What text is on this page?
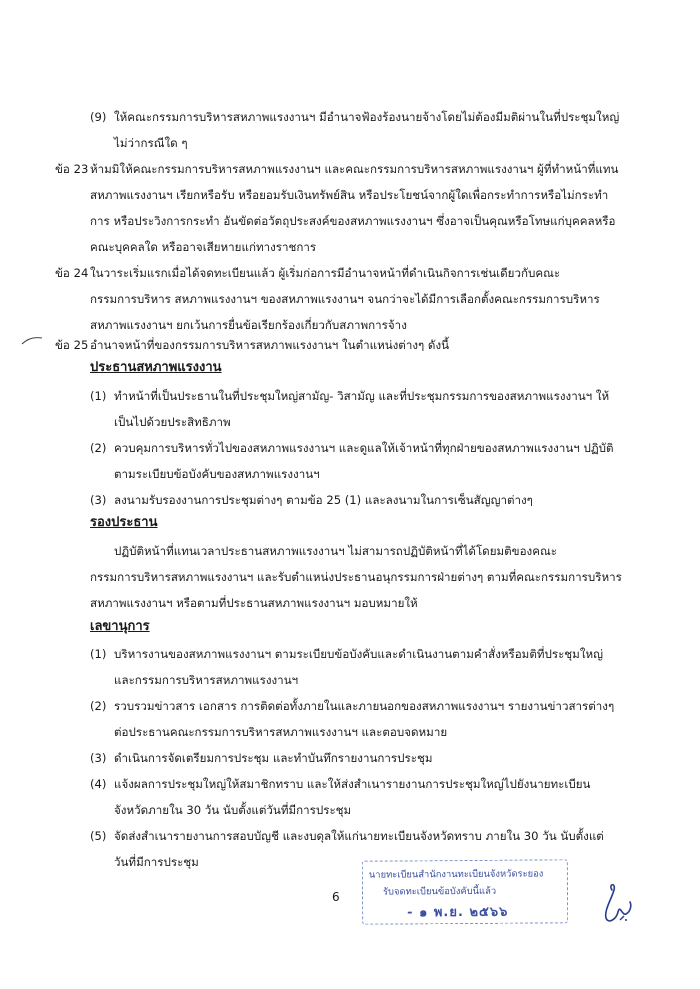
(9) ให้คณะกรรมการบริหารสหภาพแรงงานฯ มีอำนาจฟ้องร้องนายจ้างโดยไม่ต้องมีมติผ่านในที่ประชุมใหญ่
ไม่ว่ากรณีใด ๆ
ข้อ 23 ห้ามมิให้คณะกรรมการบริหารสหภาพแรงงานฯ และคณะกรรมการบริหารสหภาพแรงงานฯ ผู้ที่ทำหน้าที่แทน
สหภาพแรงงานฯ เรียกหรือรับ หรือยอมรับเงินทรัพย์สิน หรือประโยชน์จากผู้ใดเพื่อกระทำการหรือไม่กระทำ
การ หรือประวิงการกระทำ อันขัดต่อวัตถุประสงค์ของสหภาพแรงงานฯ ซึ่งอาจเป็นคุณหรือโทษแก่บุคคลหรือ
คณะบุคคลใด หรืออาจเสียหายแก่ทางราชการ
ข้อ 24 ในวาระเริ่มแรกเมื่อได้จดทะเบียนแล้ว ผู้เริ่มก่อการมีอำนาจหน้าที่ดำเนินกิจการเช่นเดียวกับคณะ
กรรมการบริหาร สหภาพแรงงานฯ ของสหภาพแรงงานฯ จนกว่าจะได้มีการเลือกตั้งคณะกรรมการบริหาร
สหภาพแรงงานฯ ยกเว้นการยื่นข้อเรียกร้องเกี่ยวกับสภาพการจ้าง
ข้อ 25 อำนาจหน้าที่ของกรรมการบริหารสหภาพแรงงานฯ ในตำแหน่งต่างๆ ดังนี้
ประธานสหภาพแรงงาน
(1) ทำหน้าที่เป็นประธานในที่ประชุมใหญ่สามัญ- วิสามัญ และที่ประชุมกรรมการของสหภาพแรงงานฯ ให้
เป็นไปด้วยประสิทธิภาพ
(2) ควบคุมการบริหารทั่วไปของสหภาพแรงงานฯ และดูแลให้เจ้าหน้าที่ทุกฝ่ายของสหภาพแรงงานฯ ปฏิบัติ
ตามระเบียบข้อบังคับของสหภาพแรงงานฯ
(3) ลงนามรับรองงานการประชุมต่างๆ ตามข้อ 25 (1) และลงนามในการเซ็นสัญญาต่างๆ
รองประธาน
ปฏิบัติหน้าที่แทนเวลาประธานสหภาพแรงงานฯ ไม่สามารถปฏิบัติหน้าที่ได้โดยมติของคณะ
กรรมการบริหารสหภาพแรงงานฯ และรับตำแหน่งประธานอนุกรรมการฝ่ายต่างๆ ตามที่คณะกรรมการบริหาร
สหภาพแรงงานฯ หรือตามที่ประธานสหภาพแรงงานฯ มอบหมายให้
เลขานุการ
(1) บริหารงานของสหภาพแรงงานฯ ตามระเบียบข้อบังคับและดำเนินงานตามคำสั่งหรือมติที่ประชุมใหญ่
และกรรมการบริหารสหภาพแรงงานฯ
(2) รวบรวมข่าวสาร เอกสาร การติดต่อทั้งภายในและภายนอกของสหภาพแรงงานฯ รายงานข่าวสารต่างๆ
ต่อประธานคณะกรรมการบริหารสหภาพแรงงานฯ และตอบจดหมาย
(3) ดำเนินการจัดเตรียมการประชุม และทำบันทึกรายงานการประชุม
(4) แจ้งผลการประชุมใหญ่ให้สมาชิกทราบ และให้ส่งสำเนารายงานการประชุมใหญ่ไปยังนายทะเบียน
จังหวัดภายใน 30 วัน นับตั้งแต่วันที่มีการประชุม
(5) จัดส่งสำเนารายงานการสอบบัญชี และงบดุลให้แก่นายทะเบียนจังหวัดทราบ ภายใน 30 วัน นับตั้งแต่
วันที่มีการประชุม
6
นายทะเบียนสำนักงานทะเบียนจังหวัดระยอง
รับจดทะเบียนข้อบังคับนี้แล้ว
- ๑ พ.ย. ๒๕๖๖
